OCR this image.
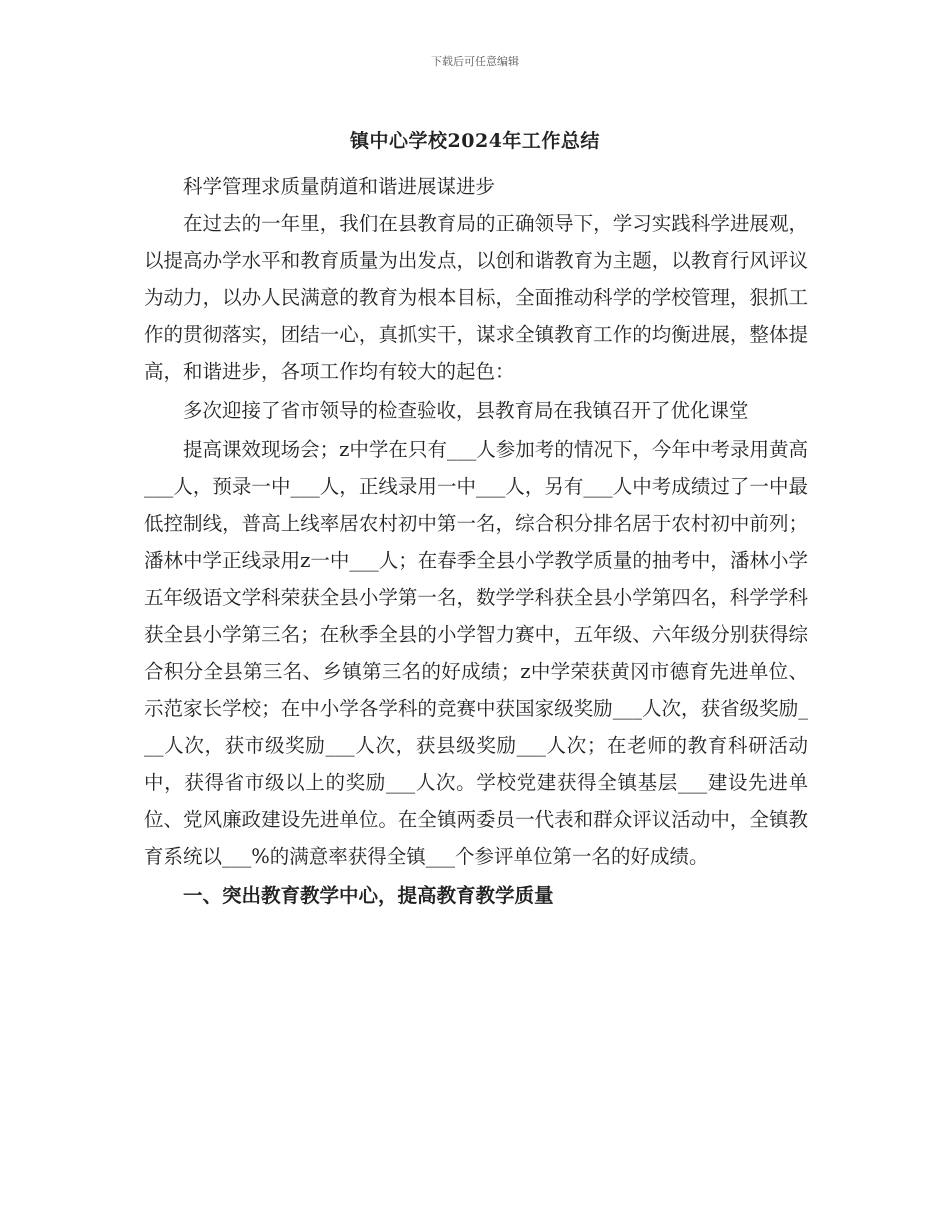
下载后可任意编辑
镇中心学校2024年工作总结

科学管理求质量荫道和谐进展谋进步

在过去的一年里，我们在县教育局的正确领导下，学习实践科学进展观，以提高办学水平和教育质量为出发点，以创和谐教育为主题，以教育行风评议为动力，以办人民满意的教育为根本目标，全面推动科学的学校管理，狠抓工作的贯彻落实，团结一心，真抓实干，谋求全镇教育工作的均衡进展，整体提高，和谐进步，各项工作均有较大的起色：

多次迎接了省市领导的检查验收，县教育局在我镇召开了优化课堂

提高课效现场会；z中学在只有___人参加考的情况下，今年中考录用黄高___人，预录一中___人，正线录用一中___人，另有___人中考成绩过了一中最低控制线，普高上线率居农村初中第一名，综合积分排名居于农村初中前列；潘林中学正线录用z一中___人；在春季全县小学教学质量的抽考中，潘林小学五年级语文学科荣获全县小学第一名，数学学科获全县小学第四名，科学学科获全县小学第三名；在秋季全县的小学智力赛中，五年级、六年级分别获得综合积分全县第三名、乡镇第三名的好成绩；z中学荣获黄冈市德育先进单位、示范家长学校；在中小学各学科的竞赛中获国家级奖励___人次，获省级奖励___人次，获市级奖励___人次，获县级奖励___人次；在老师的教育科研活动中，获得省市级以上的奖励___人次。学校党建获得全镇基层___建设先进单位、党风廉政建设先进单位。在全镇两委员一代表和群众评议活动中，全镇教育系统以___%的满意率获得全镇___个参评单位第一名的好成绩。

一、突出教育教学中心，提高教育教学质量
